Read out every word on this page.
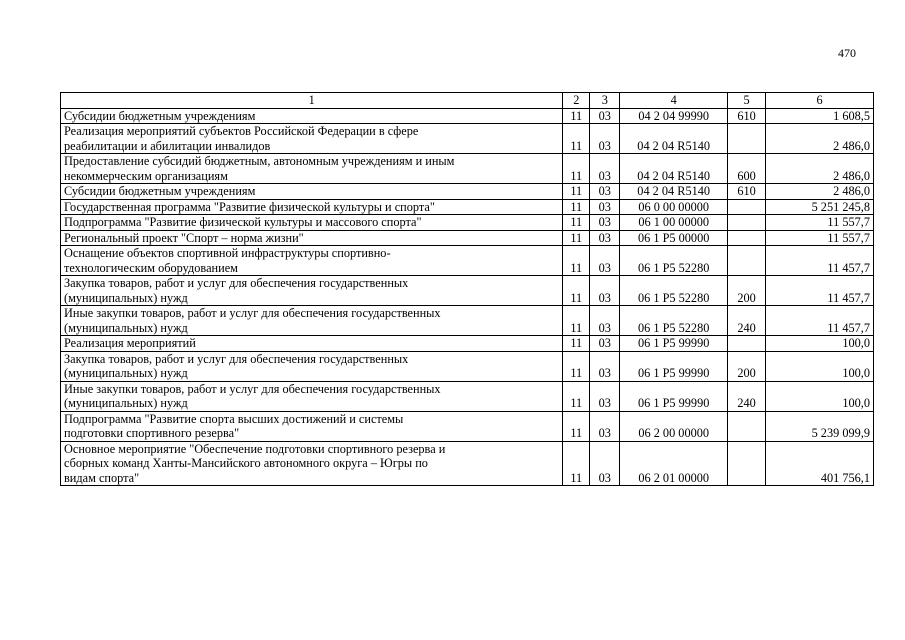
470
1	2	3	4	5	6
Субсидии бюджетным учреждениям	11	03	04 2 04 99990	610	1 608,5
Реализация мероприятий субъектов Российской Федерации в сфере
реабилитации и абилитации инвалидов	11	03	04 2 04 R5140		2 486,0
Предоставление субсидий бюджетным, автономным учреждениям и иным
некоммерческим организациям	11	03	04 2 04 R5140	600	2 486,0
Субсидии бюджетным учреждениям	11	03	04 2 04 R5140	610	2 486,0
Государственная программа "Развитие физической культуры и спорта"	11	03	06 0 00 00000		5 251 245,8
Подпрограмма "Развитие физической культуры и массового спорта"	11	03	06 1 00 00000		11 557,7
Региональный проект "Спорт – норма жизни"	11	03	06 1 P5 00000		11 557,7
Оснащение объектов спортивной инфраструктуры спортивно-
технологическим оборудованием	11	03	06 1 P5 52280		11 457,7
Закупка товаров, работ и услуг для обеспечения государственных
(муниципальных) нужд	11	03	06 1 P5 52280	200	11 457,7
Иные закупки товаров, работ и услуг для обеспечения государственных
(муниципальных) нужд	11	03	06 1 P5 52280	240	11 457,7
Реализация мероприятий	11	03	06 1 P5 99990		100,0
Закупка товаров, работ и услуг для обеспечения государственных
(муниципальных) нужд	11	03	06 1 P5 99990	200	100,0
Иные закупки товаров, работ и услуг для обеспечения государственных
(муниципальных) нужд	11	03	06 1 P5 99990	240	100,0
Подпрограмма "Развитие спорта высших достижений и системы
подготовки спортивного резерва"	11	03	06 2 00 00000		5 239 099,9
Основное мероприятие "Обеспечение подготовки спортивного резерва и
сборных команд Ханты-Мансийского автономного округа – Югры по
видам спорта"	11	03	06 2 01 00000		401 756,1
